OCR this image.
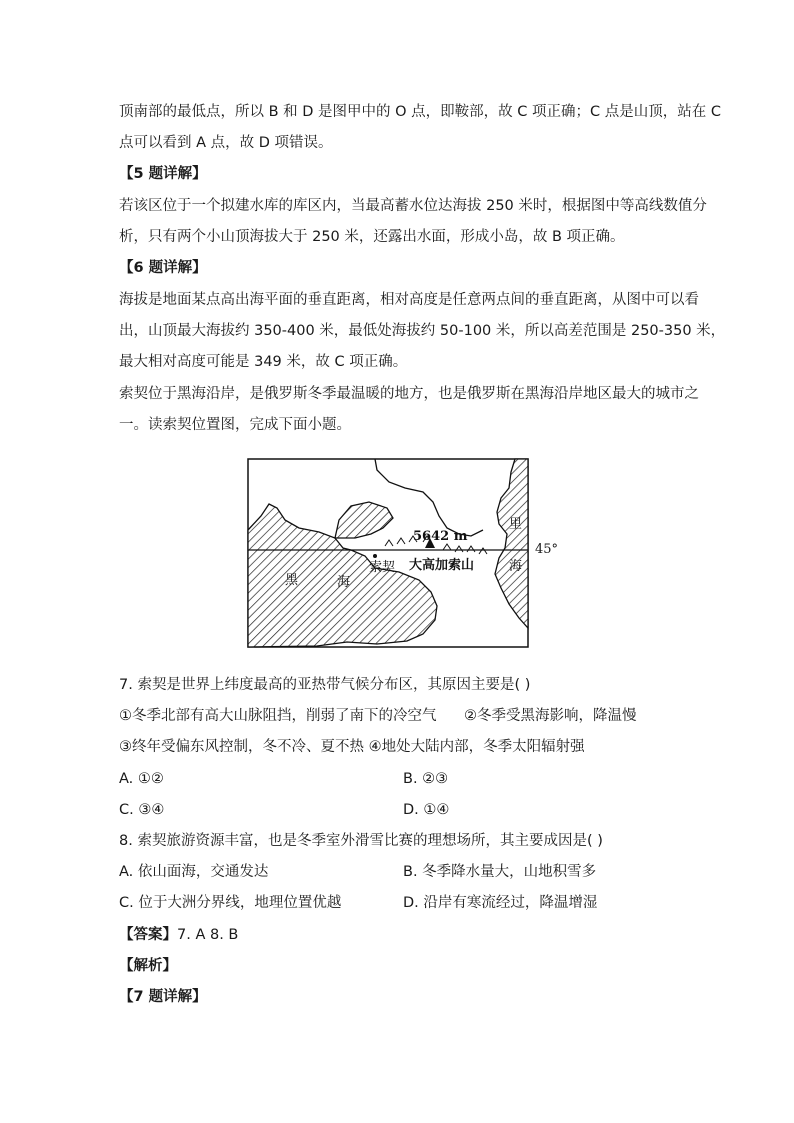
顶南部的最低点，所以 B 和 D 是图甲中的 O 点，即鞍部，故 C 项正确；C 点是山顶，站在 C
点可以看到 A 点，故 D 项错误。
【5 题详解】
若该区位于一个拟建水库的库区内，当最高蓄水位达海拔 250 米时，根据图中等高线数值分
析，只有两个小山顶海拔大于 250 米，还露出水面，形成小岛，故 B 项正确。
【6 题详解】
海拔是地面某点高出海平面的垂直距离，相对高度是任意两点间的垂直距离，从图中可以看
出，山顶最大海拔约 350-400 米，最低处海拔约 50-100 米，所以高差范围是 250-350 米，
最大相对高度可能是 349 米，故 C 项正确。
索契位于黑海沿岸，是俄罗斯冬季最温暖的地方，也是俄罗斯在黑海沿岸地区最大的城市之
一。读索契位置图，完成下面小题。
5642 m
大高加索山
索契
黑	海
里
海
45°
7. 索契是世界上纬度最高的亚热带气候分布区，其原因主要是( )
①冬季北部有高大山脉阻挡，削弱了南下的冷空气 ②冬季受黑海影响，降温慢
③终年受偏东风控制，冬不冷、夏不热 ④地处大陆内部，冬季太阳辐射强
A. ①②	B. ②③
C. ③④	D. ①④
8. 索契旅游资源丰富，也是冬季室外滑雪比赛的理想场所，其主要成因是( )
A. 依山面海，交通发达	B. 冬季降水量大，山地积雪多
C. 位于大洲分界线，地理位置优越	D. 沿岸有寒流经过，降温增湿
【答案】7. A 8. B
【解析】
【7 题详解】
